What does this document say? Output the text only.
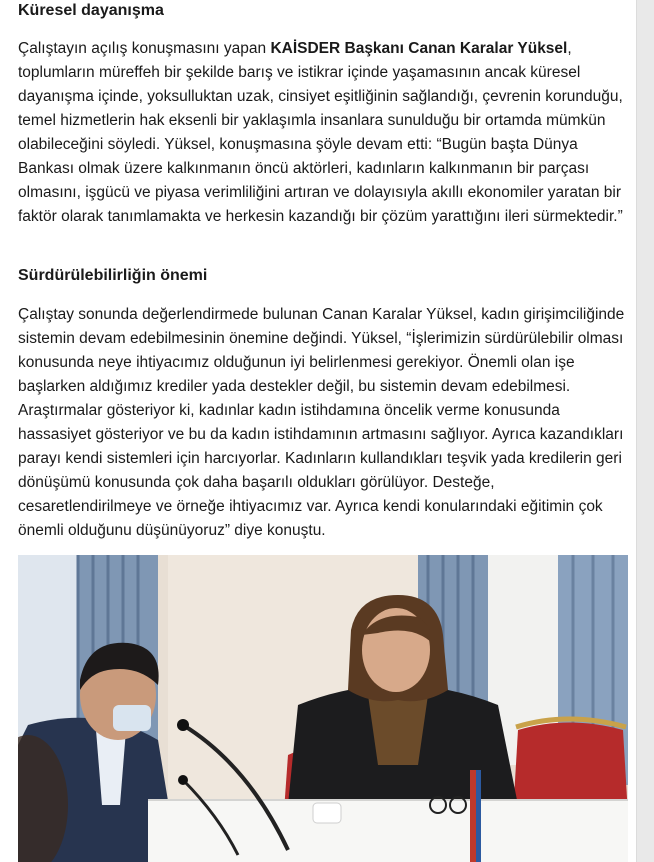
Küresel dayanışma

Çalıştayın açılış konuşmasını yapan KAİSDER Başkanı Canan Karalar Yüksel, toplumların müreffeh bir şekilde barış ve istikrar içinde yaşamasının ancak küresel dayanışma içinde, yoksulluktan uzak, cinsiyet eşitliğinin sağlandığı, çevrenin korunduğu, temel hizmetlerin hak eksenli bir yaklaşımla insanlara sunulduğu bir ortamda mümkün olabileceğini söyledi. Yüksel, konuşmasına şöyle devam etti: “Bugün başta Dünya Bankası olmak üzere kalkınmanın öncü aktörleri, kadınların kalkınmanın bir parçası olmasını, işgücü ve piyasa verimliliğini artıran ve dolayısıyla akıllı ekonomiler yaratan bir faktör olarak tanımlamakta ve herkesin kazandığı bir çözüm yarattığını ileri sürmektedir.”

Sürdürülebilirliğin önemi

Çalıştay sonunda değerlendirmede bulunan Canan Karalar Yüksel, kadın girişimciliğinde sistemin devam edebilmesinin önemine değindi. Yüksel, “İşlerimizin sürdürülebilir olması konusunda neye ihtiyacımız olduğunun iyi belirlenmesi gerekiyor. Önemli olan işe başlarken aldığımız krediler yada destekler değil, bu sistemin devam edebilmesi. Araştırmalar gösteriyor ki, kadınlar kadın istihdamına öncelik verme konusunda hassasiyet gösteriyor ve bu da kadın istihdamının artmasını sağlıyor. Ayrıca kazandıkları parayı kendi sistemleri için harcıyorlar. Kadınların kullandıkları teşvik yada kredilerin geri dönüşümü konusunda çok daha başarılı oldukları görülüyor. Desteğe, cesaretlendirilmeye ve örneğe ihtiyacımız var. Ayrıca kendi konularındaki eğitimin çok önemli olduğunu düşünüyoruz” diye konuştu.
